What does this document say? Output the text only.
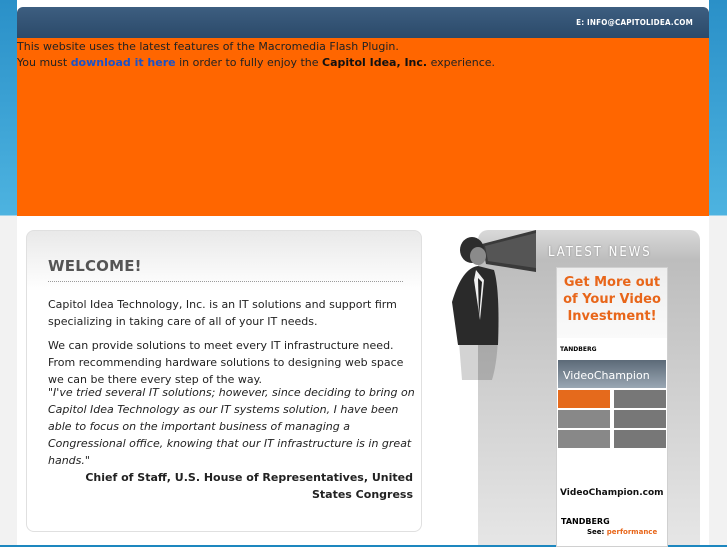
E: INFO@CAPITOLIDEA.COM
This website uses the latest features of the Macromedia Flash Plugin.
You must download it here in order to fully enjoy the Capitol Idea, Inc. experience.
WELCOME!
Capitol Idea Technology, Inc. is an IT solutions and support firm specializing in taking care of all of your IT needs.
We can provide solutions to meet every IT infrastructure need. From recommending hardware solutions to designing web space we can be there every step of the way.
"I've tried several IT solutions; however, since deciding to bring on Capitol Idea Technology as our IT systems solution, I have been able to focus on the important business of managing a Congressional office, knowing that our IT infrastructure is in great hands."
Chief of Staff, U.S. House of Representatives, United States Congress
LATEST NEWS
Get More out of Your Video Investment!
TANDBERG
VideoChampion
VideoChampion.com
TANDBERG
See: performance
